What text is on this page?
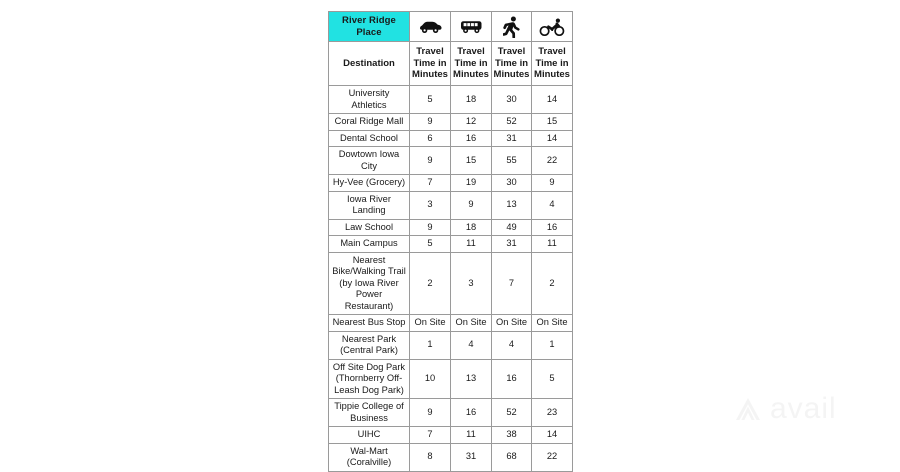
River Ridge Place	

Destination	Travel Time in Minutes	Travel Time in Minutes	Travel Time in Minutes	Travel Time in Minutes
University Athletics	5	18	30	14
Coral Ridge Mall	9	12	52	15
Dental School	6	16	31	14
Dowtown Iowa City	9	15	55	22
Hy-Vee (Grocery)	7	19	30	9
Iowa River Landing	3	9	13	4
Law School	9	18	49	16
Main Campus	5	11	31	11
Nearest Bike/Walking Trail (by Iowa River Power Restaurant)	2	3	7	2
Nearest Bus Stop	On Site	On Site	On Site	On Site
Nearest Park (Central Park)	1	4	4	1
Off Site Dog Park (Thornberry Off-Leash Dog Park)	10	13	16	5
Tippie College of Business	9	16	52	23
UIHC	7	11	38	14
Wal-Mart (Coralville)	8	31	68	22
avail
